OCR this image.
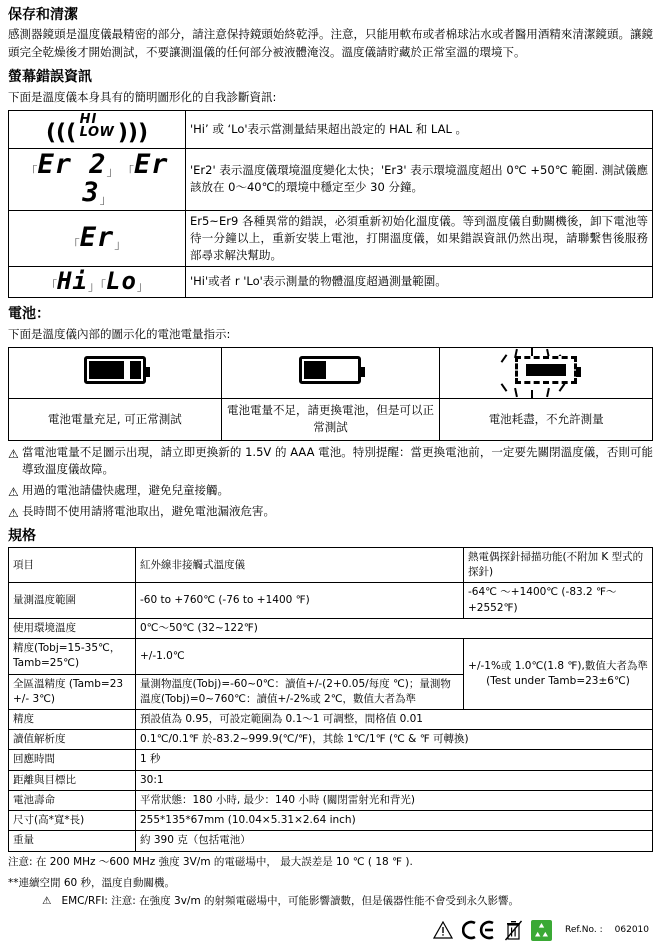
保存和清潔

感測器鏡頭是溫度儀最精密的部分，請注意保持鏡頭始終乾淨。注意，只能用軟布或者棉球沾水或者醫用酒精來清潔鏡頭。讓鏡頭完全乾燥後才開始測試，不要讓測溫儀的任何部分被液體淹沒。溫度儀請貯藏於正常室溫的環境下。

螢幕錯誤資訊
下面是溫度儀本身具有的簡明圖形化的自我診斷資訊:
(((
HI
LOW )))	'Hi’ 或 ‘Lo'表示當測量結果超出設定的 HAL 和 LAL 。
「Er 2」 「Er 3」	'Er2' 表示溫度儀環境溫度變化太快；'Er3' 表示環境溫度超出 0℃ +50℃ 範圍. 測試儀應該放在 0～40℃的環境中穩定至少 30 分鐘。
「Er」	Er5~Er9 各種異常的錯誤，必須重新初始化溫度儀。等到溫度儀自動關機後，卸下電池等待一分鐘以上，重新安裝上電池，打開溫度儀，如果錯誤資訊仍然出現，請聯繫售後服務部尋求解決幫助。
「Hi」「Lo」	'Hi'或者 r 'Lo'表示測量的物體溫度超過測量範圍。
電池：
下面是溫度儀內部的圖示化的電池電量指示:

電池電量充足, 可正常測試	電池電量不足，請更換電池，但是可以正常測試	電池耗盡，不允許測量

⚠ 當電池電量不足圖示出現，請立即更換新的 1.5V 的 AAA 電池。特別提醒：當更換電池前，一定要先關閉溫度儀，否則可能導致溫度儀故障。

⚠ 用過的電池請儘快處理，避免兒童接觸。

⚠ 長時間不使用請將電池取出，避免電池漏液危害。

規格
項目	紅外線非接觸式溫度儀	熱電偶探針掃描功能(不附加 K 型式的探針)
量測溫度範圍	-60 to +760℃ (-76 to +1400 ℉)	-64℃ ～+1400℃ (-83.2 ℉～+2552℉)
使用環境溫度	0℃～50℃ (32~122℉)	
精度(Tobj=15-35℃，Tamb=25℃)	+/-1.0℃	+/-1%或 1.0℃(1.8 ℉),數值大者為準 (Test under Tamb=23±6℃)
全區溫精度 (Tamb=23 +/- 3℃)	量測物溫度(Tobj)=-60~0℃：讀值+/-(2+0.05/每度 ℃)；量測物溫度(Tobj)=0~760℃：讀值+/-2%或 2℃，數值大者為準	
精度	預設值為 0.95，可設定範圍為 0.1～1 可調整，間格值 0.01	
讀值解析度	0.1℃/0.1℉ 於-83.2~999.9(℃/℉)，其餘 1℃/1℉ (℃ & ℉ 可轉換)	
回應時間	1 秒	
距離與目標比	30:1	
電池壽命	平常狀態：180 小時, 最少：140 小時 (關閉雷射光和背光)	
尺寸(高*寬*長)	255*135*67mm (10.04×5.31×2.64 inch)	
重量	約 390 克（包括電池）	

注意: 在 200 MHz ～600 MHz 強度 3V/m 的電磁場中， 最大誤差是 10 ℃ ( 18 ℉ ).

**連續空閒 60 秒，溫度自動關機。

⚠ EMC/RFI: 注意: 在強度 3v/m 的射頻電磁場中，可能影響讀數，但是儀器性能不會受到永久影響。

Ref.No. : 062010
